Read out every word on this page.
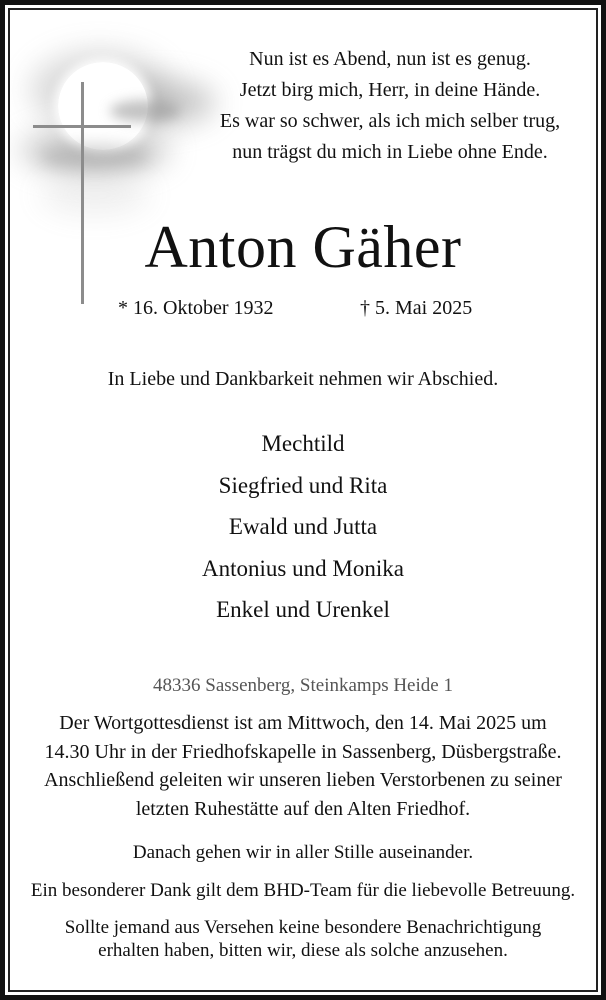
Nun ist es Abend, nun ist es genug.
Jetzt birg mich, Herr, in deine Hände.
Es war so schwer, als ich mich selber trug,
nun trägst du mich in Liebe ohne Ende.
Anton Gäher
* 16. Oktober 1932	† 5. Mai 2025
In Liebe und Dankbarkeit nehmen wir Abschied.
Mechtild
Siegfried und Rita
Ewald und Jutta
Antonius und Monika
Enkel und Urenkel
48336 Sassenberg, Steinkamps Heide 1
Der Wortgottesdienst ist am Mittwoch, den 14. Mai 2025 um
14.30 Uhr in der Friedhofskapelle in Sassenberg, Düsbergstraße.
Anschließend geleiten wir unseren lieben Verstorbenen zu seiner
letzten Ruhestätte auf den Alten Friedhof.
Danach gehen wir in aller Stille auseinander.
Ein besonderer Dank gilt dem BHD-Team für die liebevolle Betreuung.
Sollte jemand aus Versehen keine besondere Benachrichtigung
erhalten haben, bitten wir, diese als solche anzusehen.
